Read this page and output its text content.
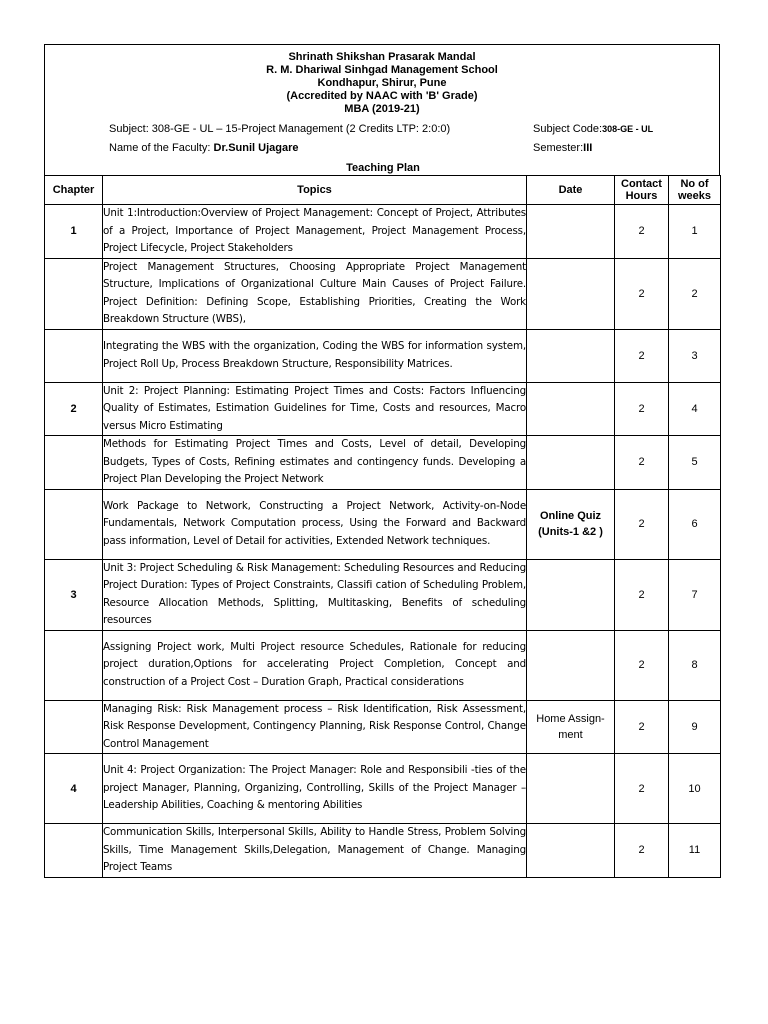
Shrinath Shikshan Prasarak Mandal
R. M. Dhariwal Sinhgad Management School
Kondhapur, Shirur, Pune
(Accredited by NAAC with 'B' Grade)
MBA (2019-21)
Subject: 308-GE - UL – 15-Project Management (2 Credits LTP: 2:0:0)	Subject Code:308-GE - UL
Name of the Faculty: Dr.Sunil Ujagare	Semester:III
Teaching Plan
Chapter	Topics	Date	Contact Hours	No of weeks
1	Unit 1:Introduction:Overview of Project Management: Concept of Project, Attributes of a Project, Importance of Project Management, Project Management Process, Project Lifecycle, Project Stakeholders		2	1
	Project Management Structures, Choosing Appropriate Project Management Structure, Implications of Organizational Culture Main Causes of Project Failure. Project Definition: Defining Scope, Establishing Priorities, Creating the Work Breakdown Structure (WBS),		2	2
	Integrating the WBS with the organization, Coding the WBS for information system, Project Roll Up, Process Breakdown Structure, Responsibility Matrices.		2	3
2	Unit 2: Project Planning: Estimating Project Times and Costs: Factors Influencing Quality of Estimates, Estimation Guidelines for Time, Costs and resources, Macro versus Micro Estimating		2	4
	Methods for Estimating Project Times and Costs, Level of detail, Developing Budgets, Types of Costs, Refining estimates and contingency funds. Developing a Project Plan Developing the Project Network		2	5
	Work Package to Network, Constructing a Project Network, Activity-on-Node Fundamentals, Network Computation process, Using the Forward and Backward pass information, Level of Detail for activities, Extended Network techniques.	Online Quiz (Units-1 &2 )	2	6
3	Unit 3: Project Scheduling & Risk Management: Scheduling Resources and Reducing Project Duration: Types of Project Constraints, Classifi cation of Scheduling Problem, Resource Allocation Methods, Splitting, Multitasking, Benefits of scheduling resources		2	7
	Assigning Project work, Multi Project resource Schedules, Rationale for reducing project duration,Options for accelerating Project Completion, Concept and construction of a Project Cost – Duration Graph, Practical considerations		2	8
	Managing Risk: Risk Management process – Risk Identification, Risk Assessment, Risk Response Development, Contingency Planning, Risk Response Control, Change Control Management	Home Assign-ment	2	9
4	Unit 4: Project Organization: The Project Manager: Role and Responsibili -ties of the project Manager, Planning, Organizing, Controlling, Skills of the Project Manager – Leadership Abilities, Coaching & mentoring Abilities		2	10
	Communication Skills, Interpersonal Skills, Ability to Handle Stress, Problem Solving Skills, Time Management Skills,Delegation, Management of Change. Managing Project Teams		2	11
